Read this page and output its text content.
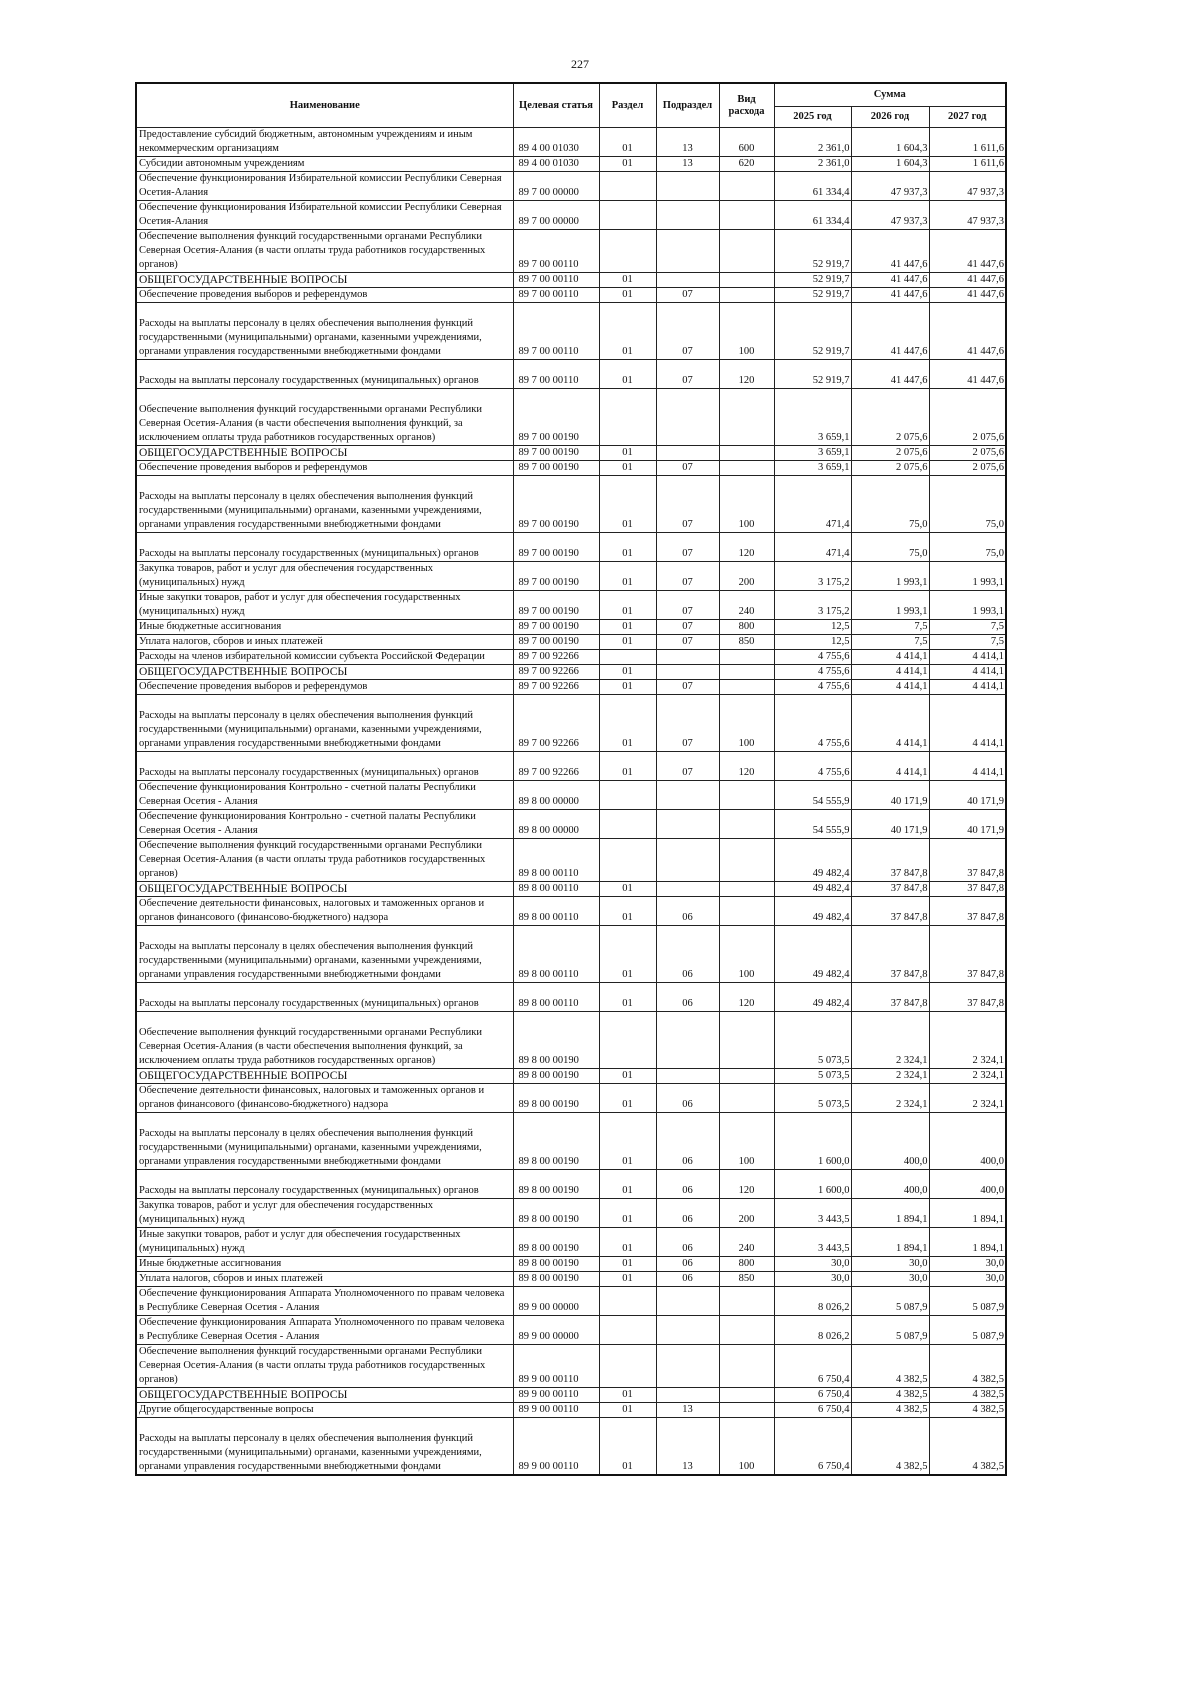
227
Наименование	Целевая статья	Раздел	Подраздел	Вид расхода	Сумма		
					2025 год	2026 год	2027 год
Предоставление субсидий бюджетным, автономным учреждениям и иным некоммерческим организациям	89 4 00 01030	01	13	600	2 361,0	1 604,3	1 611,6
Субсидии автономным учреждениям	89 4 00 01030	01	13	620	2 361,0	1 604,3	1 611,6
Обеспечение функционирования Избирательной комиссии Республики Северная Осетия-Алания	89 7 00 00000				61 334,4	47 937,3	47 937,3
Обеспечение функционирования Избирательной комиссии Республики Северная Осетия-Алания	89 7 00 00000				61 334,4	47 937,3	47 937,3
Обеспечение выполнения функций государственными органами Республики Северная Осетия-Алания (в части оплаты труда работников государственных органов)	89 7 00 00110				52 919,7	41 447,6	41 447,6
ОБЩЕГОСУДАРСТВЕННЫЕ ВОПРОСЫ	89 7 00 00110	01			52 919,7	41 447,6	41 447,6
Обеспечение проведения выборов и референдумов	89 7 00 00110	01	07		52 919,7	41 447,6	41 447,6
Расходы на выплаты персоналу в целях обеспечения выполнения функций государственными (муниципальными) органами, казенными учреждениями, органами управления государственными внебюджетными фондами	89 7 00 00110	01	07	100	52 919,7	41 447,6	41 447,6
Расходы на выплаты персоналу государственных (муниципальных) органов	89 7 00 00110	01	07	120	52 919,7	41 447,6	41 447,6
Обеспечение выполнения функций государственными органами Республики Северная Осетия-Алания (в части обеспечения выполнения функций, за исключением оплаты труда работников государственных органов)	89 7 00 00190				3 659,1	2 075,6	2 075,6
ОБЩЕГОСУДАРСТВЕННЫЕ ВОПРОСЫ	89 7 00 00190	01			3 659,1	2 075,6	2 075,6
Обеспечение проведения выборов и референдумов	89 7 00 00190	01	07		3 659,1	2 075,6	2 075,6
Расходы на выплаты персоналу в целях обеспечения выполнения функций государственными (муниципальными) органами, казенными учреждениями, органами управления государственными внебюджетными фондами	89 7 00 00190	01	07	100	471,4	75,0	75,0
Расходы на выплаты персоналу государственных (муниципальных) органов	89 7 00 00190	01	07	120	471,4	75,0	75,0
Закупка товаров, работ и услуг для обеспечения государственных (муниципальных) нужд	89 7 00 00190	01	07	200	3 175,2	1 993,1	1 993,1
Иные закупки товаров, работ и услуг для обеспечения государственных (муниципальных) нужд	89 7 00 00190	01	07	240	3 175,2	1 993,1	1 993,1
Иные бюджетные ассигнования	89 7 00 00190	01	07	800	12,5	7,5	7,5
Уплата налогов, сборов и иных платежей	89 7 00 00190	01	07	850	12,5	7,5	7,5
Расходы на членов избирательной комиссии субъекта Российской Федерации	89 7 00 92266				4 755,6	4 414,1	4 414,1
ОБЩЕГОСУДАРСТВЕННЫЕ ВОПРОСЫ	89 7 00 92266	01			4 755,6	4 414,1	4 414,1
Обеспечение проведения выборов и референдумов	89 7 00 92266	01	07		4 755,6	4 414,1	4 414,1
Расходы на выплаты персоналу в целях обеспечения выполнения функций государственными (муниципальными) органами, казенными учреждениями, органами управления государственными внебюджетными фондами	89 7 00 92266	01	07	100	4 755,6	4 414,1	4 414,1
Расходы на выплаты персоналу государственных (муниципальных) органов	89 7 00 92266	01	07	120	4 755,6	4 414,1	4 414,1
Обеспечение функционирования Контрольно - счетной палаты Республики Северная Осетия - Алания	89 8 00 00000				54 555,9	40 171,9	40 171,9
Обеспечение функционирования Контрольно - счетной палаты Республики Северная Осетия - Алания	89 8 00 00000				54 555,9	40 171,9	40 171,9
Обеспечение выполнения функций государственными органами Республики Северная Осетия-Алания (в части оплаты труда работников государственных органов)	89 8 00 00110				49 482,4	37 847,8	37 847,8
ОБЩЕГОСУДАРСТВЕННЫЕ ВОПРОСЫ	89 8 00 00110	01			49 482,4	37 847,8	37 847,8
Обеспечение деятельности финансовых, налоговых и таможенных органов и органов финансового (финансово-бюджетного) надзора	89 8 00 00110	01	06		49 482,4	37 847,8	37 847,8
Расходы на выплаты персоналу в целях обеспечения выполнения функций государственными (муниципальными) органами, казенными учреждениями, органами управления государственными внебюджетными фондами	89 8 00 00110	01	06	100	49 482,4	37 847,8	37 847,8
Расходы на выплаты персоналу государственных (муниципальных) органов	89 8 00 00110	01	06	120	49 482,4	37 847,8	37 847,8
Обеспечение выполнения функций государственными органами Республики Северная Осетия-Алания (в части обеспечения выполнения функций, за исключением оплаты труда работников государственных органов)	89 8 00 00190				5 073,5	2 324,1	2 324,1
ОБЩЕГОСУДАРСТВЕННЫЕ ВОПРОСЫ	89 8 00 00190	01			5 073,5	2 324,1	2 324,1
Обеспечение деятельности финансовых, налоговых и таможенных органов и органов финансового (финансово-бюджетного) надзора	89 8 00 00190	01	06		5 073,5	2 324,1	2 324,1
Расходы на выплаты персоналу в целях обеспечения выполнения функций государственными (муниципальными) органами, казенными учреждениями, органами управления государственными внебюджетными фондами	89 8 00 00190	01	06	100	1 600,0	400,0	400,0
Расходы на выплаты персоналу государственных (муниципальных) органов	89 8 00 00190	01	06	120	1 600,0	400,0	400,0
Закупка товаров, работ и услуг для обеспечения государственных (муниципальных) нужд	89 8 00 00190	01	06	200	3 443,5	1 894,1	1 894,1
Иные закупки товаров, работ и услуг для обеспечения государственных (муниципальных) нужд	89 8 00 00190	01	06	240	3 443,5	1 894,1	1 894,1
Иные бюджетные ассигнования	89 8 00 00190	01	06	800	30,0	30,0	30,0
Уплата налогов, сборов и иных платежей	89 8 00 00190	01	06	850	30,0	30,0	30,0
Обеспечение функционирования Аппарата Уполномоченного по правам человека в Республике Северная Осетия - Алания	89 9 00 00000				8 026,2	5 087,9	5 087,9
Обеспечение функционирования Аппарата Уполномоченного по правам человека в Республике Северная Осетия - Алания	89 9 00 00000				8 026,2	5 087,9	5 087,9
Обеспечение выполнения функций государственными органами Республики Северная Осетия-Алания (в части оплаты труда работников государственных органов)	89 9 00 00110				6 750,4	4 382,5	4 382,5
ОБЩЕГОСУДАРСТВЕННЫЕ ВОПРОСЫ	89 9 00 00110	01			6 750,4	4 382,5	4 382,5
Другие общегосударственные вопросы	89 9 00 00110	01	13		6 750,4	4 382,5	4 382,5
Расходы на выплаты персоналу в целях обеспечения выполнения функций государственными (муниципальными) органами, казенными учреждениями, органами управления государственными внебюджетными фондами	89 9 00 00110	01	13	100	6 750,4	4 382,5	4 382,5
